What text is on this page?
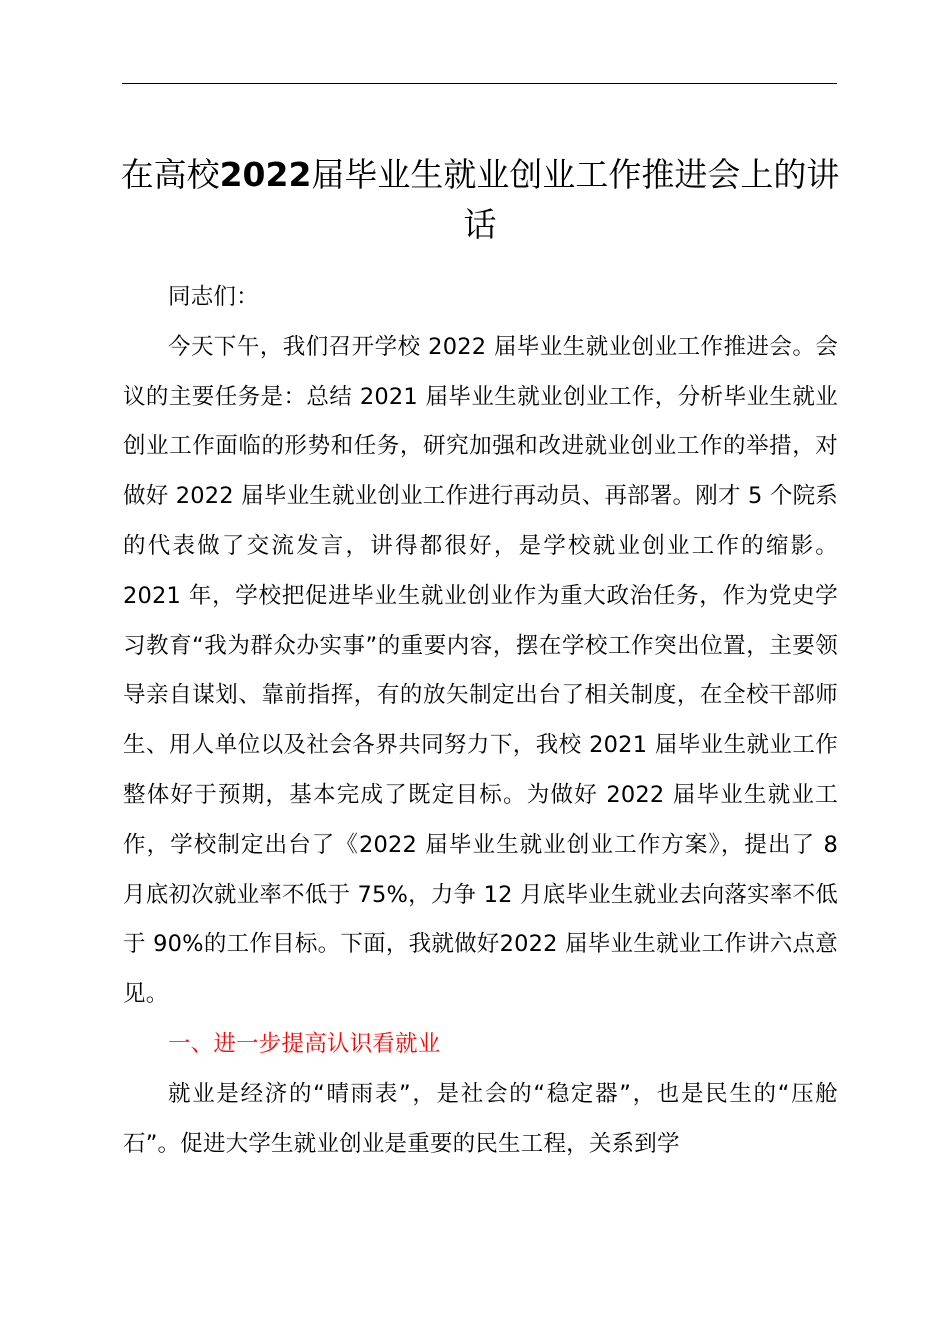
在高校2022届毕业生就业创业工作推进会上的讲话

同志们：

今天下午，我们召开学校 2022 届毕业生就业创业工作推进会。会议的主要任务是：总结 2021 届毕业生就业创业工作，分析毕业生就业创业工作面临的形势和任务，研究加强和改进就业创业工作的举措，对做好 2022 届毕业生就业创业工作进行再动员、再部署。刚才 5 个院系的代表做了交流发言，讲得都很好，是学校就业创业工作的缩影。2021 年，学校把促进毕业生就业创业作为重大政治任务，作为党史学习教育“我为群众办实事”的重要内容，摆在学校工作突出位置，主要领导亲自谋划、靠前指挥，有的放矢制定出台了相关制度，在全校干部师生、用人单位以及社会各界共同努力下，我校 2021 届毕业生就业工作整体好于预期，基本完成了既定目标。为做好 2022 届毕业生就业工作，学校制定出台了《2022 届毕业生就业创业工作方案》，提出了 8 月底初次就业率不低于 75%，力争 12 月底毕业生就业去向落实率不低于 90%的工作目标。下面，我就做好2022 届毕业生就业工作讲六点意见。

一、进一步提高认识看就业

就业是经济的“晴雨表”，是社会的“稳定器”，也是民生的“压舱石”。促进大学生就业创业是重要的民生工程，关系到学
